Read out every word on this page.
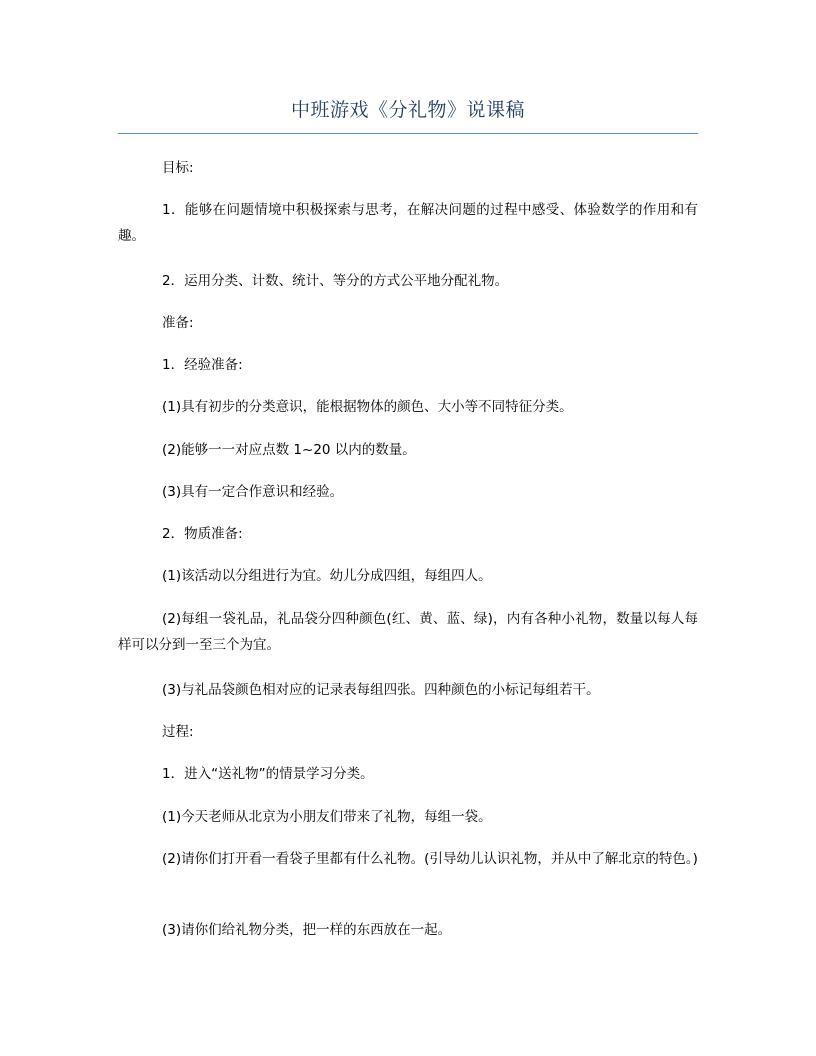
中班游戏《分礼物》说课稿

目标:

1．能够在问题情境中积极探索与思考，在解决问题的过程中感受、体验数学的作用和有趣。

2．运用分类、计数、统计、等分的方式公平地分配礼物。

准备:

1．经验准备:

(1)具有初步的分类意识，能根据物体的颜色、大小等不同特征分类。

(2)能够一一对应点数 1~20 以内的数量。

(3)具有一定合作意识和经验。

2．物质准备:

(1)该活动以分组进行为宜。幼儿分成四组，每组四人。

(2)每组一袋礼品，礼品袋分四种颜色(红、黄、蓝、绿)，内有各种小礼物，数量以每人每样可以分到一至三个为宜。

(3)与礼品袋颜色相对应的记录表每组四张。四种颜色的小标记每组若干。

过程:

1．进入“送礼物”的情景学习分类。

(1)今天老师从北京为小朋友们带来了礼物，每组一袋。

(2)请你们打开看一看袋子里都有什么礼物。(引导幼儿认识礼物，并从中了解北京的特色。)

(3)请你们给礼物分类，把一样的东西放在一起。
